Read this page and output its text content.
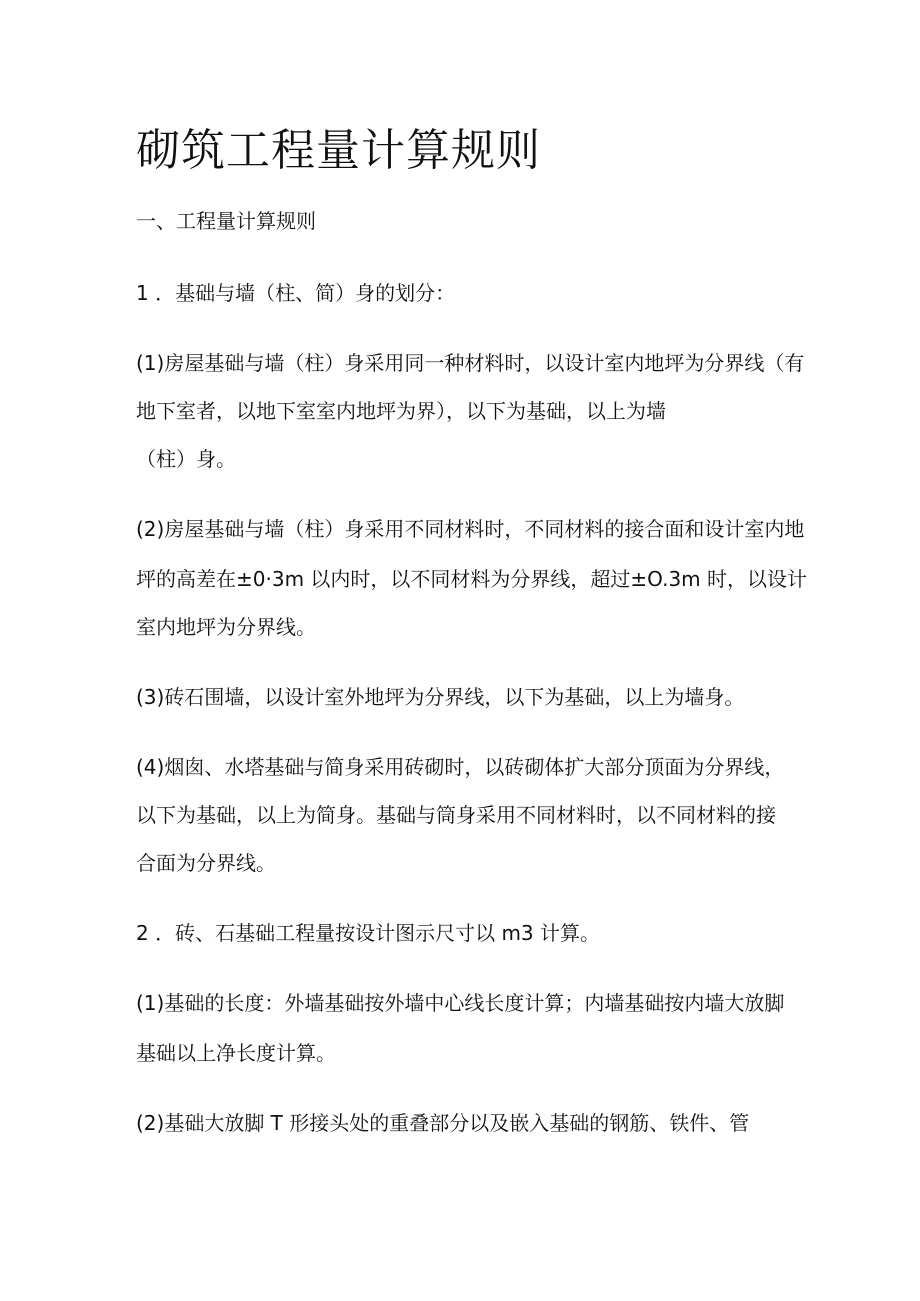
砌筑工程量计算规则

一、工程量计算规则

1 ．基础与墙（柱、简）身的划分：

(1)房屋基础与墙（柱）身采用同一种材料时，以设计室内地坪为分界线（有

地下室者，以地下室室内地坪为界），以下为基础，以上为墙

（柱）身。

(2)房屋基础与墙（柱）身采用不同材料时，不同材料的接合面和设计室内地

坪的高差在±0·3m 以内时，以不同材料为分界线，超过±O.3m 时，以设计

室内地坪为分界线。

(3)砖石围墙，以设计室外地坪为分界线，以下为基础，以上为墙身。

(4)烟囱、水塔基础与简身采用砖砌时，以砖砌体扩大部分顶面为分界线，

以下为基础，以上为简身。基础与筒身采用不同材料时，以不同材料的接

合面为分界线。

2 ．砖、石基础工程量按设计图示尺寸以 m3 计算。

(1)基础的长度：外墙基础按外墙中心线长度计算；内墙基础按内墙大放脚

基础以上净长度计算。

(2)基础大放脚 T 形接头处的重叠部分以及嵌入基础的钢筋、铁件、管
